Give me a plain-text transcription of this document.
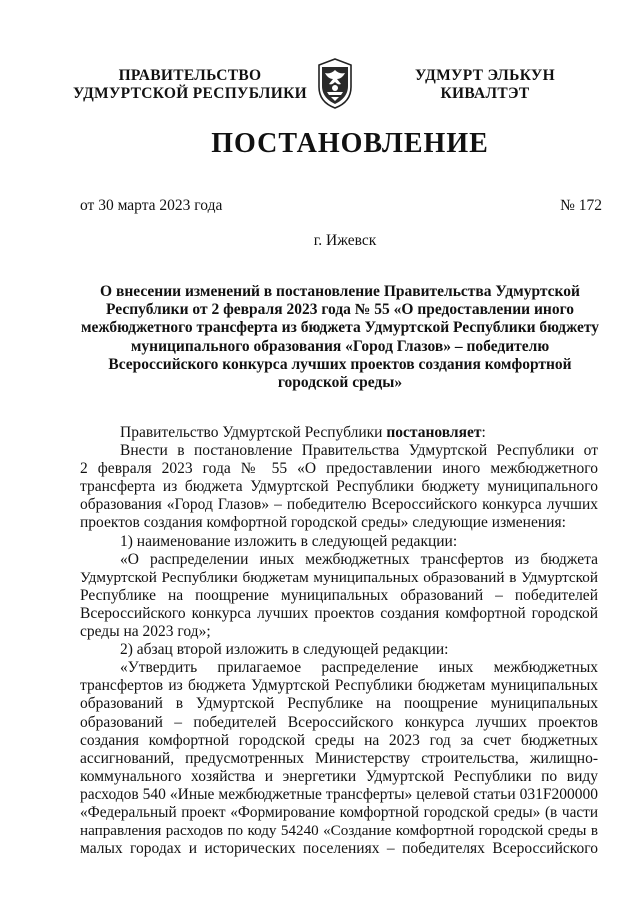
ПРАВИТЕЛЬСТВО
УДМУРТСКОЙ РЕСПУБЛИКИ
УДМУРТ ЭЛЬКУН
КИВАЛТЭТ
ПОСТАНОВЛЕНИЕ
от 30 марта 2023 года	№ 172
г. Ижевск
О внесении изменений в постановление Правительства Удмуртской
Республики от 2 февраля 2023 года № 55 «О предоставлении иного
межбюджетного трансферта из бюджета Удмуртской Республики бюджету
муниципального образования «Город Глазов» – победителю
Всероссийского конкурса лучших проектов создания комфортной
городской среды»
Правительство Удмуртской Республики постановляет:
Внести в постановление Правительства Удмуртской Республики от
2 февраля 2023 года № 55 «О предоставлении иного межбюджетного
трансферта из бюджета Удмуртской Республики бюджету муниципального
образования «Город Глазов» – победителю Всероссийского конкурса лучших
проектов создания комфортной городской среды» следующие изменения:
1) наименование изложить в следующей редакции:
«О распределении иных межбюджетных трансфертов из бюджета
Удмуртской Республики бюджетам муниципальных образований в Удмуртской
Республике на поощрение муниципальных образований – победителей
Всероссийского конкурса лучших проектов создания комфортной городской
среды на 2023 год»;
2) абзац второй изложить в следующей редакции:
«Утвердить прилагаемое распределение иных межбюджетных
трансфертов из бюджета Удмуртской Республики бюджетам муниципальных
образований в Удмуртской Республике на поощрение муниципальных
образований – победителей Всероссийского конкурса лучших проектов
создания комфортной городской среды на 2023 год за счет бюджетных
ассигнований, предусмотренных Министерству строительства, жилищно-
коммунального хозяйства и энергетики Удмуртской Республики по виду
расходов 540 «Иные межбюджетные трансферты» целевой статьи 031F200000
«Федеральный проект «Формирование комфортной городской среды» (в части
направления расходов по коду 54240 «Создание комфортной городской среды в
малых городах и исторических поселениях – победителях Всероссийского
